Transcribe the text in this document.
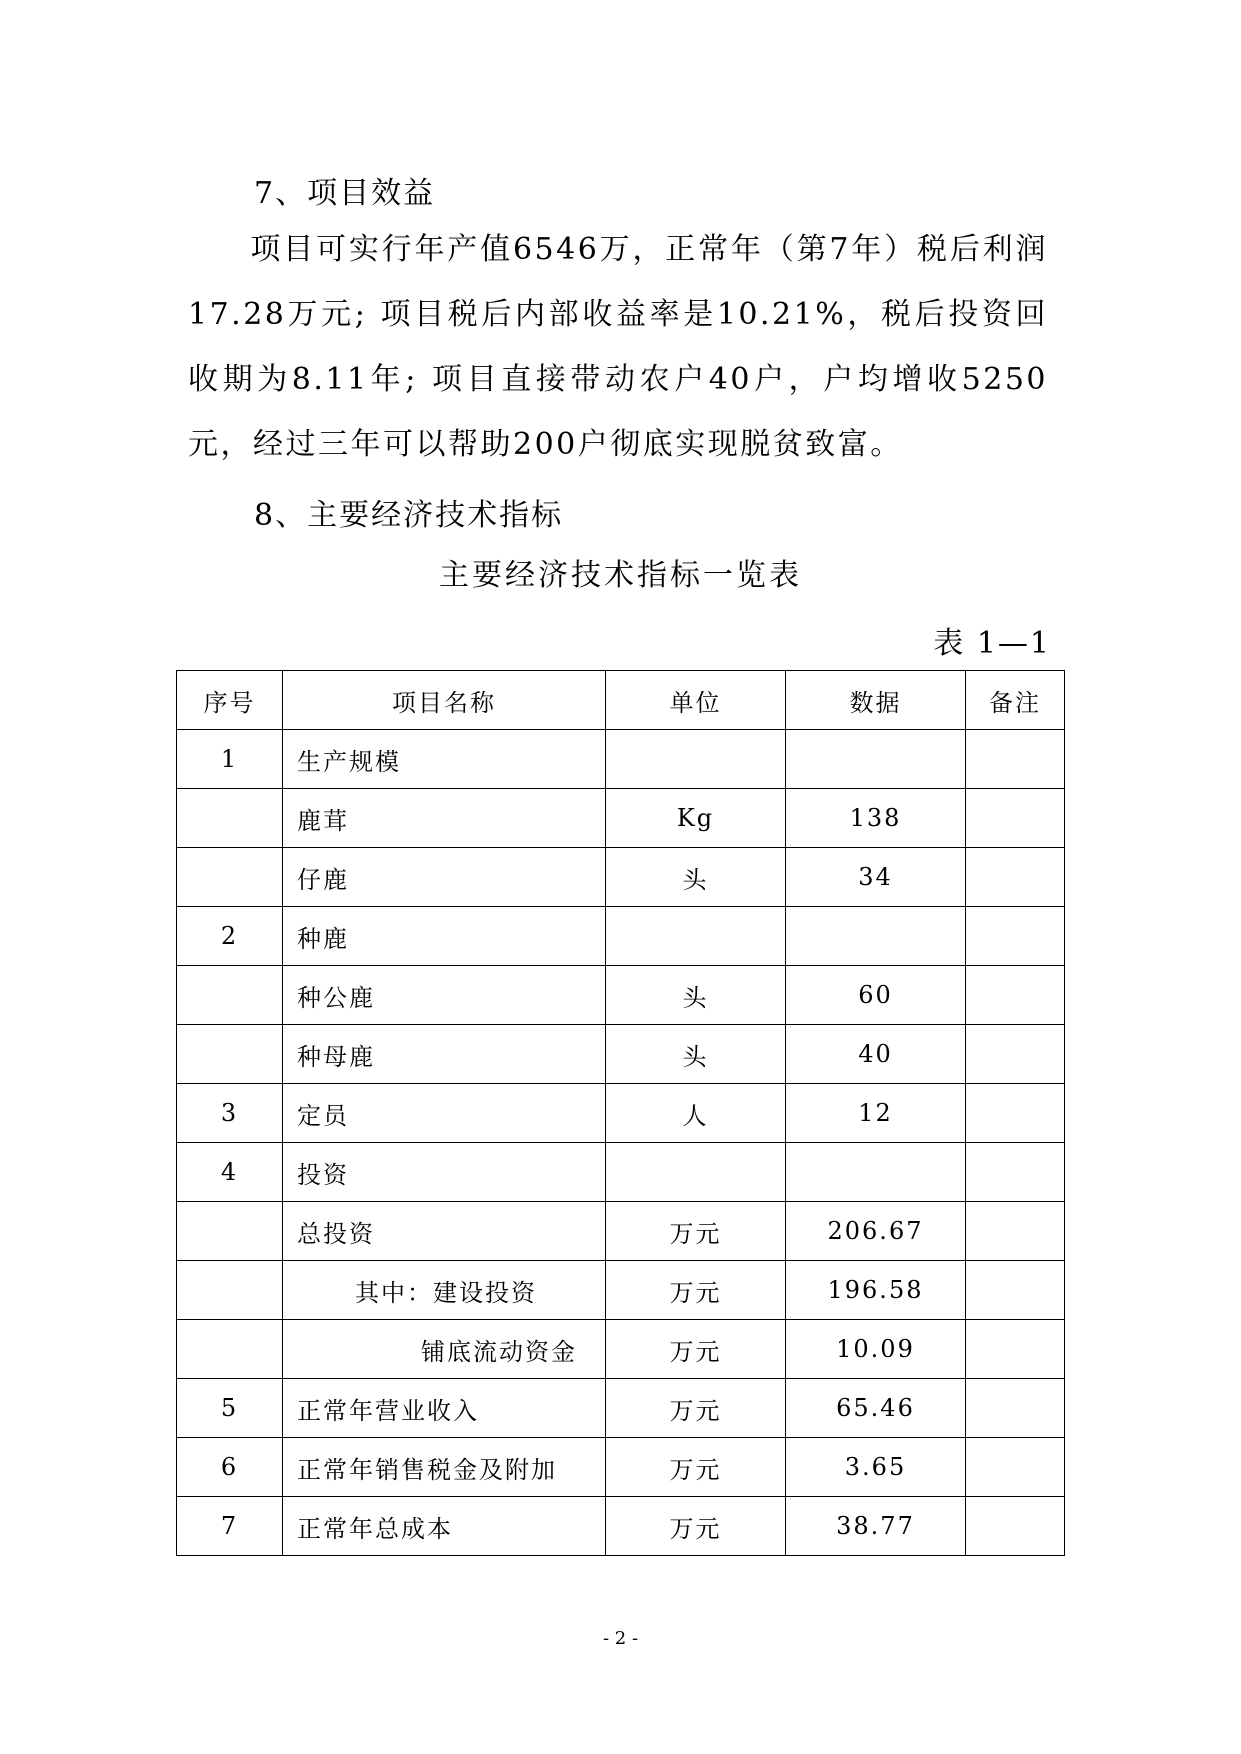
7、项目效益
项目可实行年产值6546万，正常年（第7年）税后利润17.28万元; 项目税后内部收益率是10.21%，税后投资回收期为8.11年; 项目直接带动农户40户，户均增收5250元，经过三年可以帮助200户彻底实现脱贫致富。
8、主要经济技术指标
主要经济技术指标一览表
表 1—1
序号	项目名称	单位	数据	备注
1	生产规模			
	鹿茸	Kg	138	
	仔鹿	头	34	
2	种鹿			
	种公鹿	头	60	
	种母鹿	头	40	
3	定员	人	12	
4	投资			
	总投资	万元	206.67	
	其中：建设投资	万元	196.58	
	铺底流动资金	万元	10.09	
5	正常年营业收入	万元	65.46	
6	正常年销售税金及附加	万元	3.65	
7	正常年总成本	万元	38.77	
- 2 -
